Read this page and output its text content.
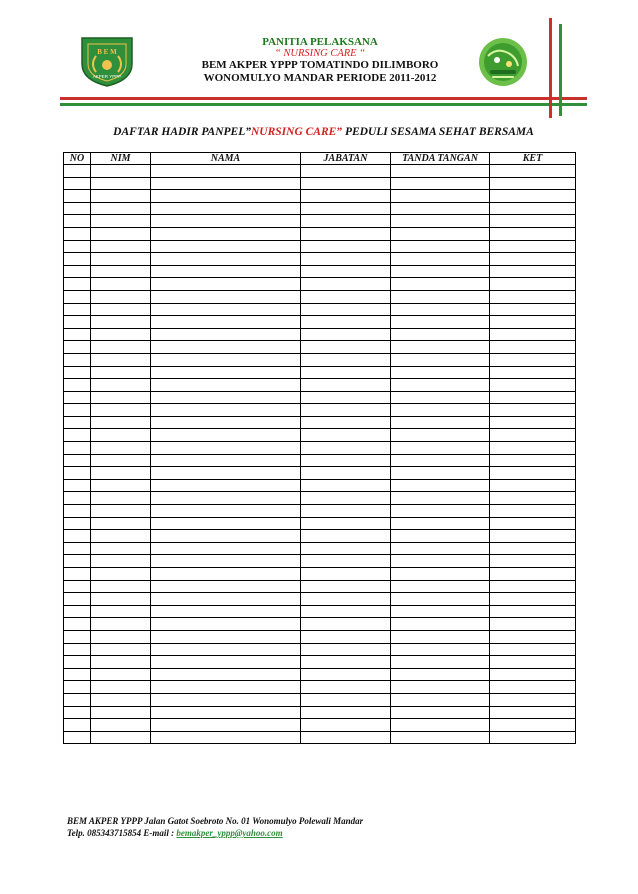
B E M
AKPER YPPP

PANITIA PELAKSANA

“ NURSING CARE “

BEM AKPER YPPP TOMATINDO DILIMBORO

WONOMULYO MANDAR PERIODE 2011-2012

DAFTAR HADIR PANPEL”NURSING CARE” PEDULI SESAMA SEHAT BERSAMA

NO	NIM	NAMA	JABATAN	TANDA TANGAN	KET

BEM AKPER YPPP Jalan Gatot Soebroto No. 01 Wonomulyo Polewali Mandar
Telp. 085343715854 E-mail : bemakper_yppp@yahoo.com
